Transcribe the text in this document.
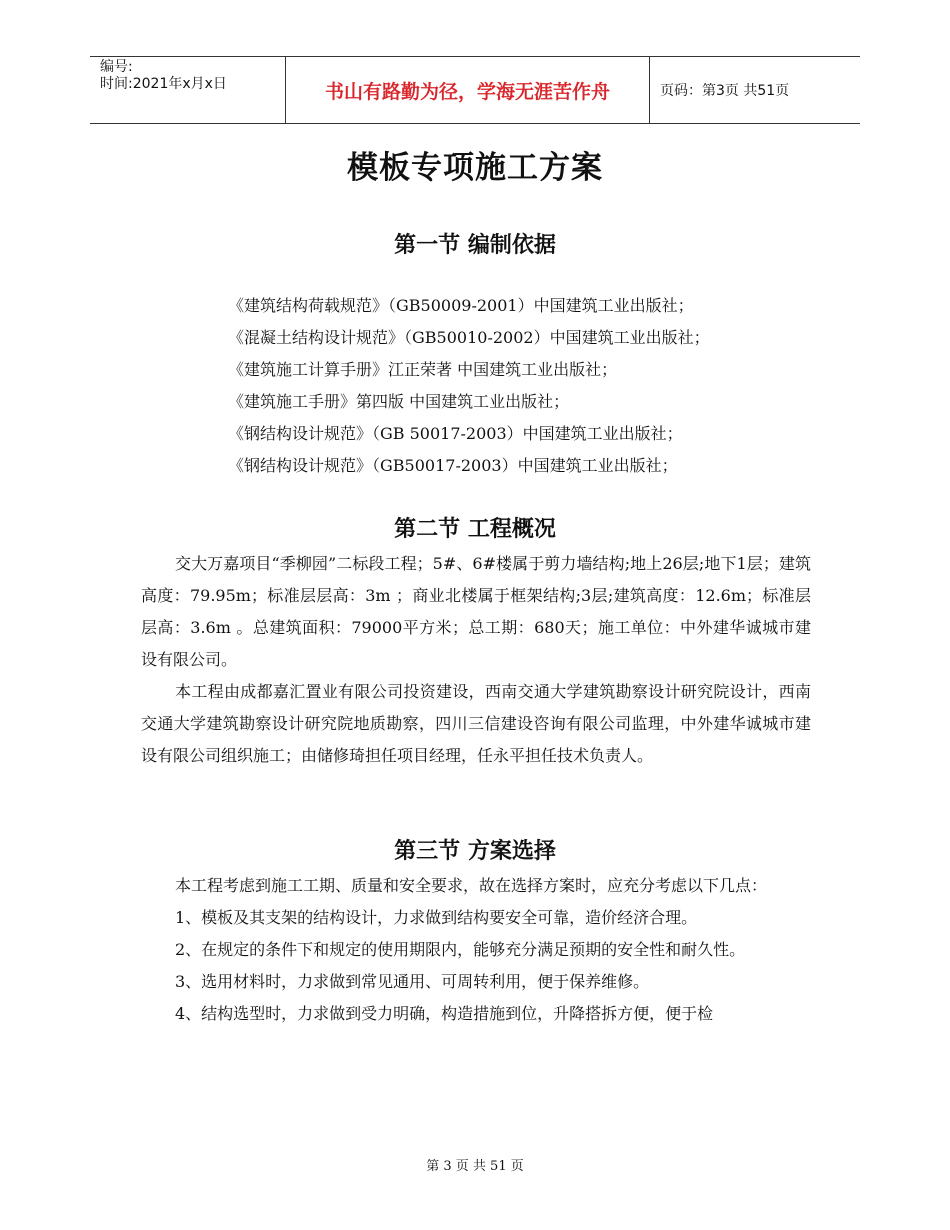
编号:
时间:2021年x月x日	书山有路勤为径，学海无涯苦作舟	页码：第3页 共51页
模板专项施工方案
第一节 编制依据
《建筑结构荷载规范》（GB50009-2001）中国建筑工业出版社；
《混凝土结构设计规范》（GB50010-2002）中国建筑工业出版社；
《建筑施工计算手册》江正荣著 中国建筑工业出版社；
《建筑施工手册》第四版 中国建筑工业出版社；
《钢结构设计规范》（GB 50017-2003）中国建筑工业出版社；
《钢结构设计规范》（GB50017-2003）中国建筑工业出版社；
第二节 工程概况

交大万嘉项目“季柳园”二标段工程；5#、6#楼属于剪力墙结构;地上26层;地下1层；建筑高度：79.95m；标准层层高：3m ；商业北楼属于框架结构;3层;建筑高度：12.6m；标准层层高：3.6m 。总建筑面积：79000平方米；总工期：680天；施工单位：中外建华诚城市建设有限公司。

本工程由成都嘉汇置业有限公司投资建设，西南交通大学建筑勘察设计研究院设计，西南交通大学建筑勘察设计研究院地质勘察，四川三信建设咨询有限公司监理，中外建华诚城市建设有限公司组织施工；由储修琦担任项目经理，任永平担任技术负责人。

第三节 方案选择

本工程考虑到施工工期、质量和安全要求，故在选择方案时，应充分考虑以下几点：

1、模板及其支架的结构设计，力求做到结构要安全可靠，造价经济合理。

2、在规定的条件下和规定的使用期限内，能够充分满足预期的安全性和耐久性。

3、选用材料时，力求做到常见通用、可周转利用，便于保养维修。

4、结构选型时，力求做到受力明确，构造措施到位，升降搭拆方便，便于检

第 3 页 共 51 页
